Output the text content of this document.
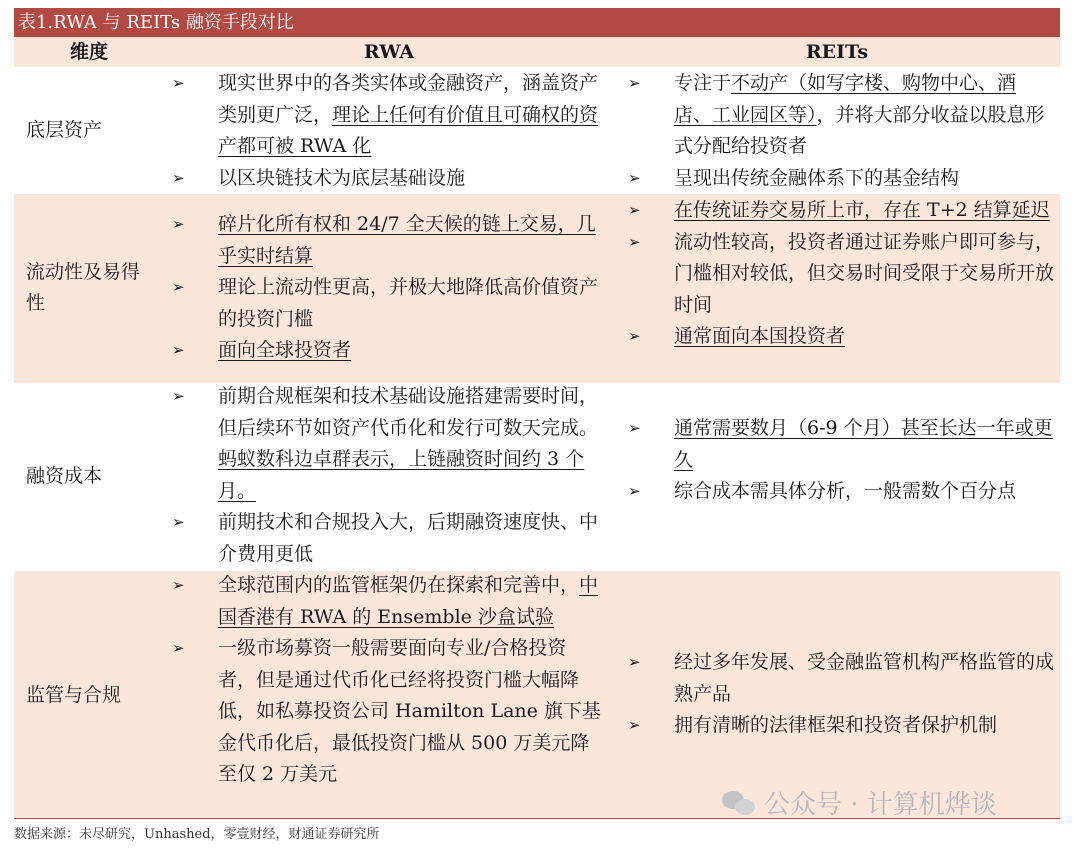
表1.RWA 与 REITs 融资手段对比
维度	RWA	REITs
底层资产
流动性及易得性
融资成本
监管与合规
➢ 现实世界中的各类实体或金融资产，涵盖资产类别更广泛，理论上任何有价值且可确权的资产都可被 RWA 化
➢ 以区块链技术为底层基础设施
➢ 专注于不动产（如写字楼、购物中心、酒店、工业园区等），并将大部分收益以股息形式分配给投资者
➢ 呈现出传统金融体系下的基金结构
➢ 碎片化所有权和 24/7 全天候的链上交易，几乎实时结算
➢ 理论上流动性更高，并极大地降低高价值资产的投资门槛
➢ 面向全球投资者
➢ 在传统证券交易所上市，存在 T+2 结算延迟
➢ 流动性较高，投资者通过证券账户即可参与，门槛相对较低，但交易时间受限于交易所开放时间
➢ 通常面向本国投资者
➢ 前期合规框架和技术基础设施搭建需要时间，但后续环节如资产代币化和发行可数天完成。蚂蚁数科边卓群表示，上链融资时间约 3 个月。
➢ 前期技术和合规投入大，后期融资速度快、中介费用更低
➢ 通常需要数月（6-9 个月）甚至长达一年或更久
➢ 综合成本需具体分析，一般需数个百分点
➢ 全球范围内的监管框架仍在探索和完善中，中国香港有 RWA 的 Ensemble 沙盒试验
➢ 一级市场募资一般需要面向专业/合格投资者，但是通过代币化已经将投资门槛大幅降低，如私募投资公司 Hamilton Lane 旗下基金代币化后，最低投资门槛从 500 万美元降至仅 2 万美元
➢ 经过多年发展、受金融监管机构严格监管的成熟产品
➢ 拥有清晰的法律框架和投资者保护机制
公众号 · 计算机烨谈
数据来源：未尽研究，Unhashed，零壹财经，财通证券研究所
